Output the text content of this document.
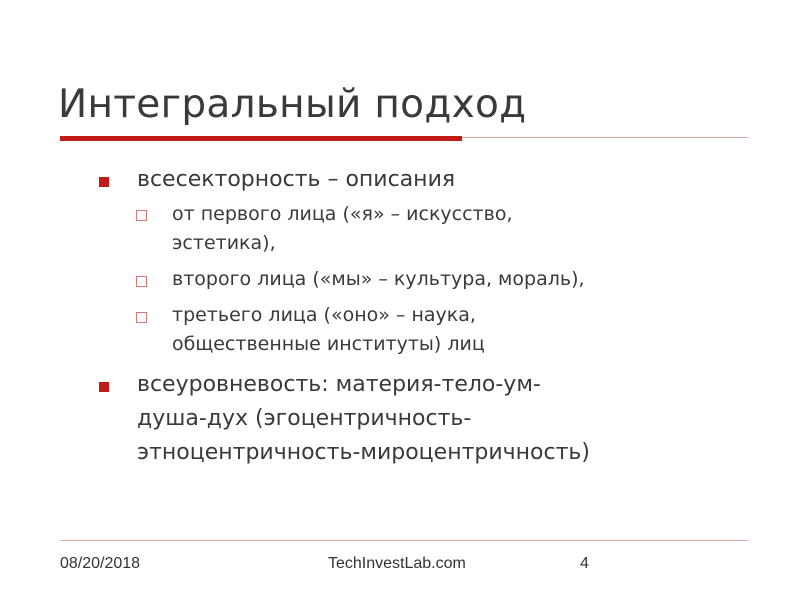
Интегральный подход
всесекторность – описания
от первого лица («я» – искусство,
эстетика),
второго лица («мы» – культура, мораль),
третьего лица («оно» – наука,
общественные институты) лиц
всеуровневость: материя-тело-ум-
душа-дух (эгоцентричность-
этноцентричность-мироцентричность)
08/20/2018	TechInvestLab.com	4
